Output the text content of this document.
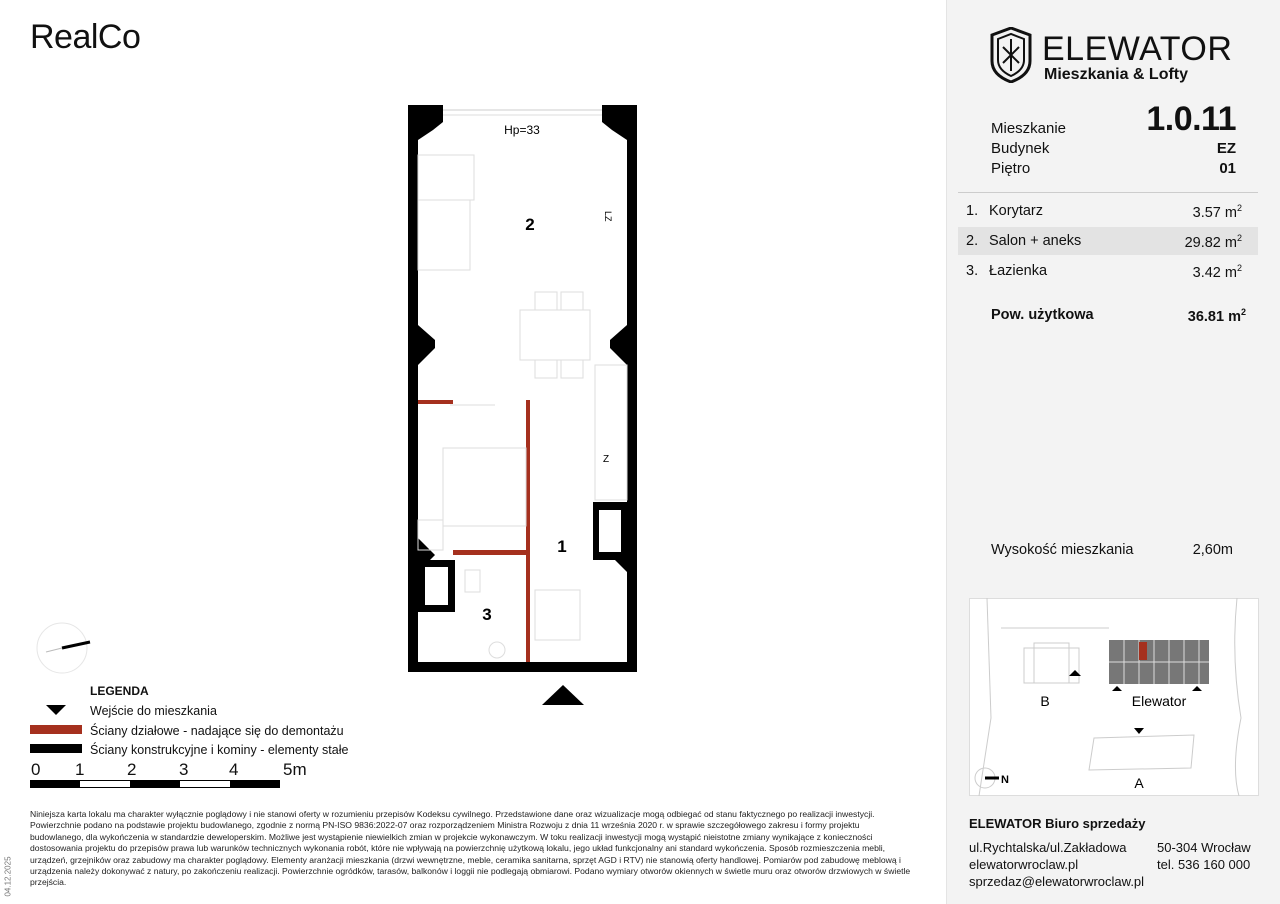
RealCo
Hp=33
LZ
Z
1
2
3
LEGENDA
Wejście do mieszkania
Ściany działowe - nadające się do demontażu
Ściany konstrukcyjne i kominy - elementy stałe
0 1	2	3 4	5m
Niniejsza karta lokalu ma charakter wyłącznie poglądowy i nie stanowi oferty w rozumieniu przepisów Kodeksu cywilnego. Przedstawione dane oraz wizualizacje mogą odbiegać od stanu faktycznego po realizacji inwestycji. Powierzchnie podano na podstawie projektu budowlanego, zgodnie z normą PN-ISO 9836:2022-07 oraz rozporządzeniem Ministra Rozwoju z dnia 11 września 2020 r. w sprawie szczegółowego zakresu i formy projektu budowlanego, dla wykończenia w standardzie deweloperskim. Możliwe jest wystąpienie niewielkich zmian w projekcie wykonawczym. W toku realizacji inwestycji mogą wystąpić nieistotne zmiany wynikające z konieczności dostosowania projektu do przepisów prawa lub warunków technicznych wykonania robót, które nie wpływają na powierzchnię użytkową lokalu, jego układ funkcjonalny ani standard wykończenia. Sposób rozmieszczenia mebli, urządzeń, grzejników oraz zabudowy ma charakter poglądowy. Elementy aranżacji mieszkania (drzwi wewnętrzne, meble, ceramika sanitarna, sprzęt AGD i RTV) nie stanowią oferty handlowej. Pomiarów pod zabudowę meblową i urządzenia należy dokonywać z natury, po zakończeniu realizacji. Powierzchnie ogródków, tarasów, balkonów i loggii nie podlegają obmiarowi. Podano wymiary otworów okiennych w świetle muru oraz otworów drzwiowych w świetle przejścia.
04.12.2025
ELEWATOR
Mieszkania & Lofty
Mieszkanie 1.0.11
Budynek	EZ
Piętro	01
1. Korytarz	3.57 $m^2$
2. Salon + aneks	29.82 $m^2$
3. Łazienka	3.42 $m^2$
Pow. użytkowa	36.81 $m^2$
Wysokość mieszkania	2,60m
B	Elewator
A
N
ELEWATOR Biuro sprzedaży
ul.Rychtalska/ul.Zakładowa 50-304 Wrocław
elewatorwroclaw.pl	tel. 536 160 000
sprzedaz@elewatorwroclaw.pl
